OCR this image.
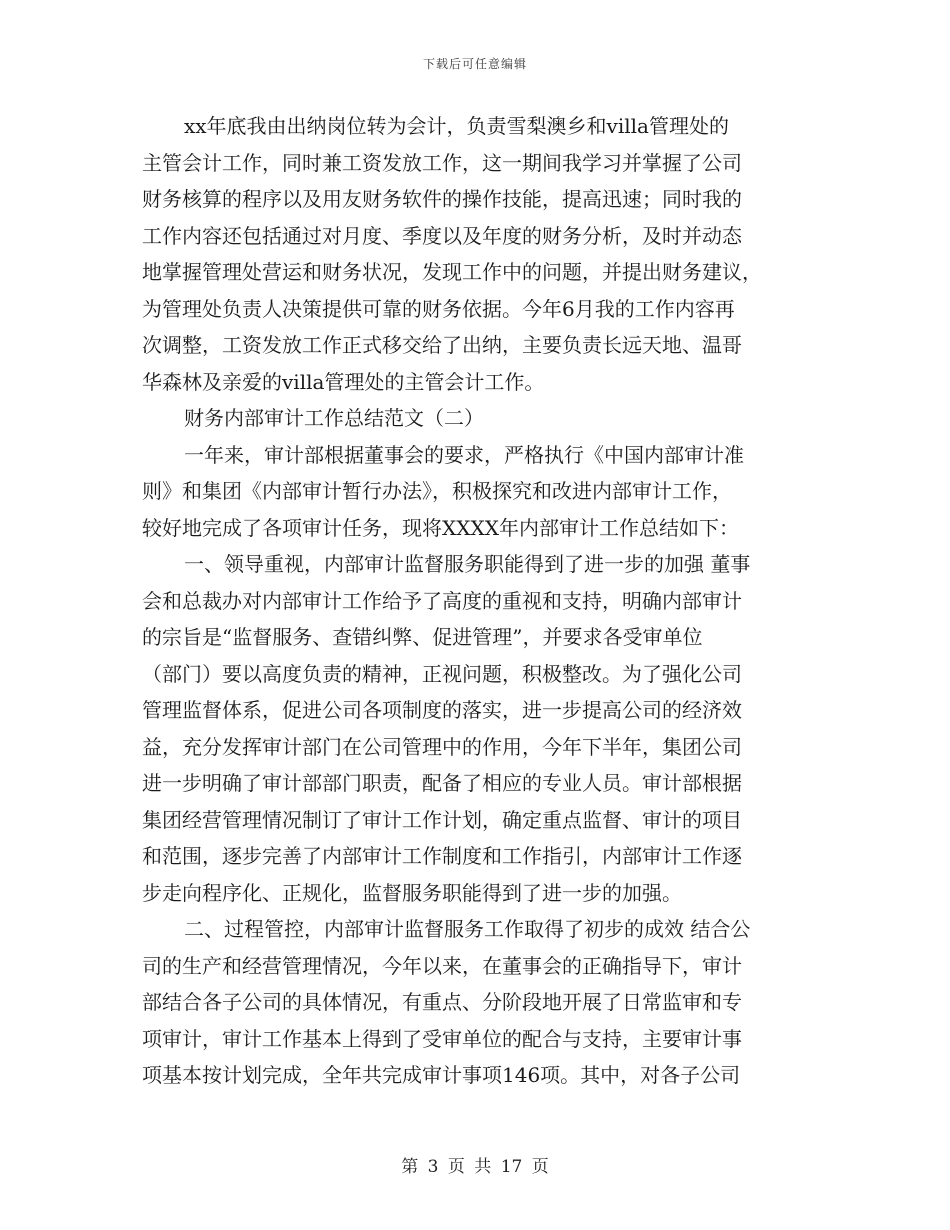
下载后可任意编辑
xx年底我由出纳岗位转为会计，负责雪梨澳乡和villa管理处的
主管会计工作，同时兼工资发放工作，这一期间我学习并掌握了公司
财务核算的程序以及用友财务软件的操作技能，提高迅速；同时我的
工作内容还包括通过对月度、季度以及年度的财务分析，及时并动态
地掌握管理处营运和财务状况，发现工作中的问题，并提出财务建议，
为管理处负责人决策提供可靠的财务依据。今年6月我的工作内容再
次调整，工资发放工作正式移交给了出纳，主要负责长远天地、温哥
华森林及亲爱的villa管理处的主管会计工作。
财务内部审计工作总结范文（二）
一年来，审计部根据董事会的要求，严格执行《中国内部审计准
则》和集团《内部审计暂行办法》，积极探究和改进内部审计工作，
较好地完成了各项审计任务，现将XXXX年内部审计工作总结如下：
一、领导重视，内部审计监督服务职能得到了进一步的加强 董事
会和总裁办对内部审计工作给予了高度的重视和支持，明确内部审计
的宗旨是“监督服务、查错纠弊、促进管理”，并要求各受审单位
（部门）要以高度负责的精神，正视问题，积极整改。为了强化公司
管理监督体系，促进公司各项制度的落实，进一步提高公司的经济效
益，充分发挥审计部门在公司管理中的作用，今年下半年，集团公司
进一步明确了审计部部门职责，配备了相应的专业人员。审计部根据
集团经营管理情况制订了审计工作计划，确定重点监督、审计的项目
和范围，逐步完善了内部审计工作制度和工作指引，内部审计工作逐
步走向程序化、正规化，监督服务职能得到了进一步的加强。
二、过程管控，内部审计监督服务工作取得了初步的成效 结合公
司的生产和经营管理情况，今年以来，在董事会的正确指导下，审计
部结合各子公司的具体情况，有重点、分阶段地开展了日常监审和专
项审计，审计工作基本上得到了受审单位的配合与支持，主要审计事
项基本按计划完成，全年共完成审计事项146项。其中，对各子公司
第 3 页 共 17 页
